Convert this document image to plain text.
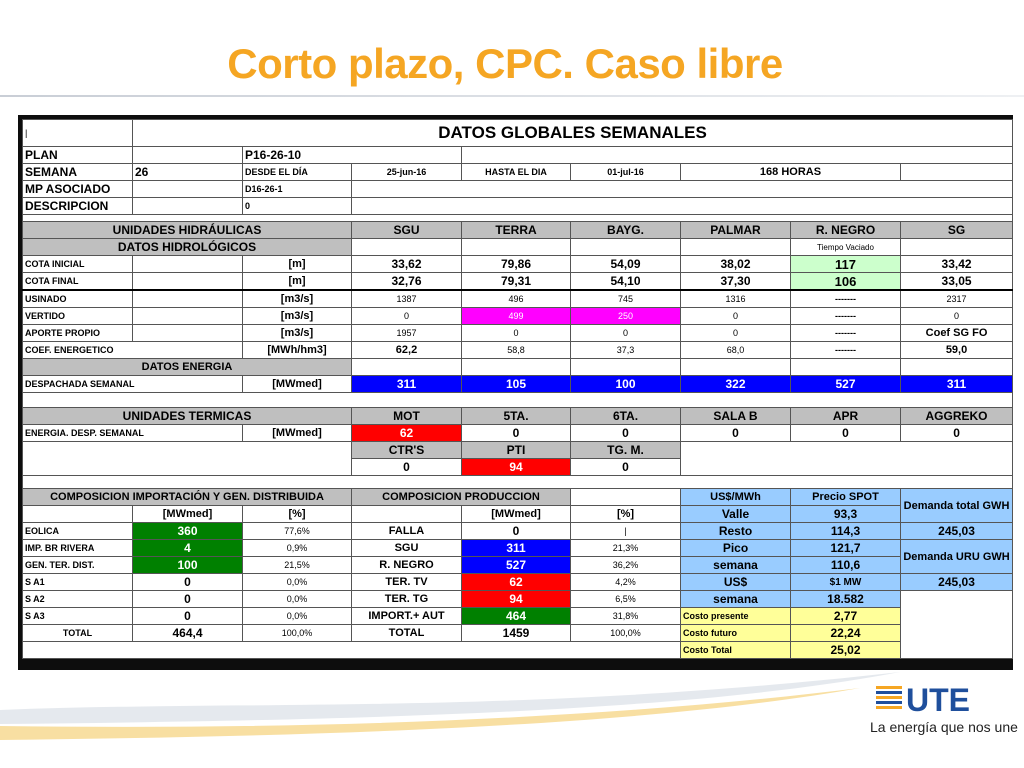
Corto plazo, CPC. Caso libre
|	DATOS GLOBALES SEMANALES							
PLAN		P16-26-10						
SEMANA	26	DESDE EL DÍA	25-jun-16	HASTA EL DIA	01-jul-16	168 HORAS		
MP ASOCIADO		D16-26-1						
DESCRIPCION		0						

UNIDADES HIDRÁULICAS			SGU	TERRA	BAYG.	PALMAR	R. NEGRO	SG
DATOS HIDROLÓGICOS							Tiempo Vaciado	
COTA INICIAL		[m]	33,62	79,86	54,09	38,02	117	33,42
COTA FINAL		[m]	32,76	79,31	54,10	37,30	106	33,05
USINADO		[m3/s]	1387	496	745	1316	-------	2317
VERTIDO		[m3/s]	0	499	250	0	-------	0
APORTE PROPIO		[m3/s]	1957	0	0	0	-------	Coef SG FO
COEF. ENERGETICO		[MWh/hm3]	62,2	58,8	37,3	68,0	-------	59,0
DATOS ENERGIA								
DESPACHADA SEMANAL		[MWmed]	311	105	100	322	527	311

UNIDADES TERMICAS			MOT	5TA.	6TA.	SALA B	APR	AGGREKO
ENERGIA. DESP. SEMANAL		[MWmed]	62	0	0	0	0	0
			CTR'S	PTI	TG. M.			
			0	94	0			

COMPOSICION IMPORTACIÓN Y GEN. DISTRIBUIDA			COMPOSICION PRODUCCION			US$/MWh	Precio SPOT	Demanda total GWH
	[MWmed]	[%]		[MWmed]	[%]	Valle	93,3	
EOLICA	360	77,6%	FALLA	0	|	Resto	114,3	245,03
IMP. BR RIVERA	4	0,9%	SGU	311	21,3%	Pico	121,7	Demanda URU GWH
GEN. TER. DIST.	100	21,5%	R. NEGRO	527	36,2%	semana	110,6	
S A1	0	0,0%	TER. TV	62	4,2%	US$	$1 MW	245,03
S A2	0	0,0%	TER. TG	94	6,5%	semana	18.582	
S A3	0	0,0%	IMPORT.+ AUT	464	31,8%	Costo presente	2,77	
TOTAL	464,4	100,0%	TOTAL	1459	100,0%	Costo futuro	22,24	
						Costo Total	25,02	
UTE
La energía que nos une
